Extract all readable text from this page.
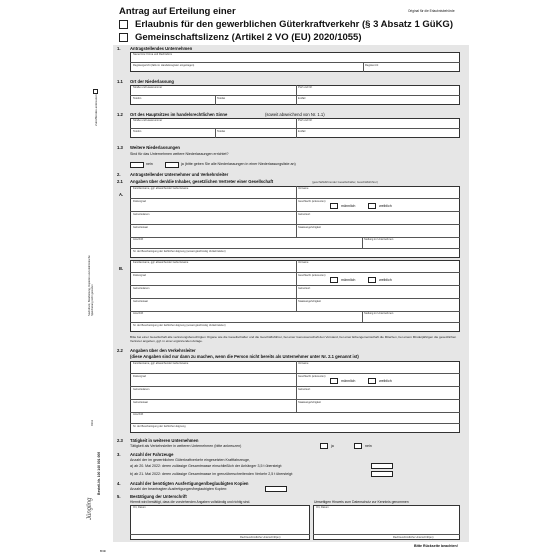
Zutreffendes ankreuzen
Nachdruck, Bearbeitung, Kopieren und elektronische Speicherung nicht gestattet
0111
Bestell-Nr. 100 140 001 006
Jüngling
B/4h
Antrag auf Erteilung einer	Original für die Erlaubnisbehörde
Erlaubnis für den gewerblichen Güterkraftverkehr (§ 3 Absatz 1 GüKG)
Gemeinschaftslizenz (Artikel 2 VO (EU) 2020/1055)
1. Antragstellendes Unternehmen
Name bzw. Firma und Rechtsform
Registergericht (falls im Handelsregister eingetragen)	Register-Nr.
1.1 Ort der Niederlassung
Straße und Hausnummer	PLZ und Ort
Telefon	Telefax	E-Mail
1.2 Ort des Hauptsitzes im handelsrechtlichen Sinne	(soweit abweichend von Nr. 1.1)
Straße und Hausnummer	PLZ und Ort
Telefon	Telefax	E-Mail
1.3 Weitere Niederlassungen
Sind für das Unternehmen weitere Niederlassungen errichtet?
nein	ja (bitte geben Sie alle Niederlassungen in einer Niederlassungsliste an)
2. Antragstellender Unternehmer und Verkehrsleiter
2.1 Angaben über den/die Inhaber, gesetzlichen Vertreter einer Gesellschaft	(geschäftsführender Gesellschafter, Geschäftsführer)
A.
Familienname, ggf. abweichender Geburtsname	Vorname
Doktorgrad	Geschlecht (ankreuzen)
männlich	weiblich
Geburtsdatum	Geburtsort
Geburtsstaat	Staatsangehörigkeit
Anschrift	Stellung im Unternehmen
Nr. der Bescheinigung der fachlichen Eignung (soweit gleichzeitig Verkehrsleiter)
B.
Familienname, ggf. abweichender Geburtsname	Vorname
Doktorgrad	Geschlecht (ankreuzen)
männlich	weiblich
Geburtsdatum	Geburtsort
Geburtsstaat	Staatsangehörigkeit
Anschrift	Stellung im Unternehmen
Nr. der Bescheinigung der fachlichen Eignung (soweit gleichzeitig Verkehrsleiter)
Bitte bei einer Gesellschaft alle vertretungsberechtigten Organe wie die Gesellschafter und die Geschäftsführer, bei einer Genossenschaft den Vorstand, bei einer Erbengemeinschaft die Miterben, bei einem Minderjährigen die gesetzlichen Vertreter angeben, ggf. in einer ergänzenden Anlage.
2.2 Angaben über den Verkehrsleiter
(diese Angaben sind nur dann zu machen, wenn die Person nicht bereits als Unternehmer unter Nr. 2.1 genannt ist)
Familienname, ggf. abweichender Geburtsname	Vorname
Doktorgrad	Geschlecht (ankreuzen)
männlich	weiblich
Geburtsdatum	Geburtsort
Geburtsstaat	Staatsangehörigkeit
Anschrift
Nr. der Bescheinigung der fachlichen Eignung
2.3 Tätigkeit in weiteren Unternehmen
Tätigkeit als Verkehrsleiter in weiteren Unternehmen (bitte ankreuzen)	ja	nein
3. Anzahl der Fahrzeuge
Anzahl der im gewerblichen Güterkraftverkehr eingesetzten Kraftfahrzeuge,
a) ab 20. Mai 2022: deren zulässige Gesamtmasse einschließlich der Anhänger 3,5 t übersteigt:
b) ab 21. Mai 2022: deren zulässige Gesamtmasse im grenzüberschreitenden Verkehr 2,5 t übersteigt:
4. Anzahl der benötigten Ausfertigungen/beglaubigten Kopien
Anzahl der beantragten Ausfertigungen/beglaubigten Kopien:
5. Bestätigung der Unterschrift
Hiermit wird bestätigt, dass die vorstehenden Angaben vollständig und richtig sind.	Umseitigen Hinweis zum Datenschutz zur Kenntnis genommen
Ort, Datum
Rechtsverbindliche Unterschrift(en)
Ort, Datum
Rechtsverbindliche Unterschrift(en)
Bitte Rückseite beachten!
